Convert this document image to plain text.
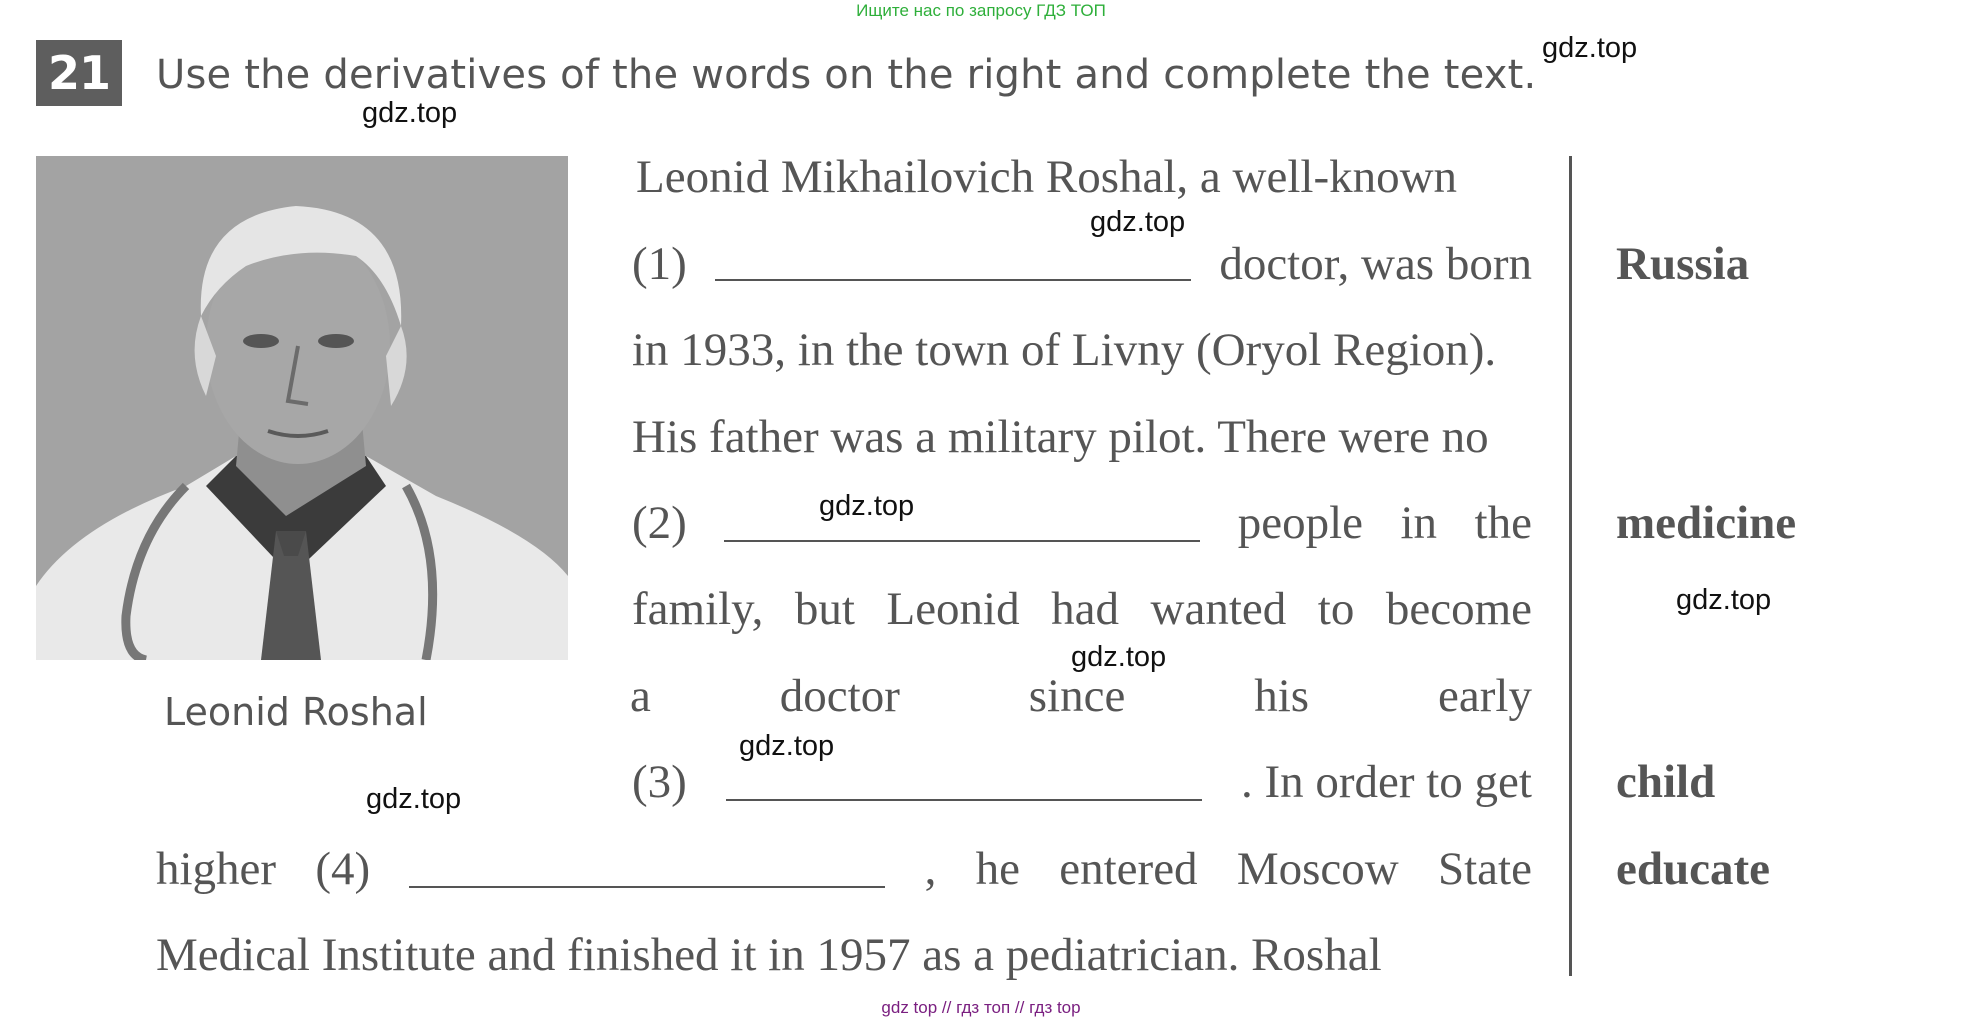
Ищите нас по запросу ГДЗ ТОП
21	Use the derivatives of the words on the right and complete the text.
gdz.top
gdz.top
Leonid Roshal
Leonid Mikhailovich Roshal, a well-known
(1)	doctor, was born
in 1933, in the town of Livny (Oryol Region).
His father was a military pilot. There were no
(2)	people in the
family, but Leonid had wanted to become
a	doctor	since	his	early
(3)	. In order to get
higher (4)	, he entered Moscow State
Medical Institute and finished it in 1957 as a pediatrician. Roshal
Russia
medicine
child
educate
gdz.top
gdz.top
gdz.top
gdz.top
gdz.top
gdz.top
gdz top // гдз топ // гдз top
